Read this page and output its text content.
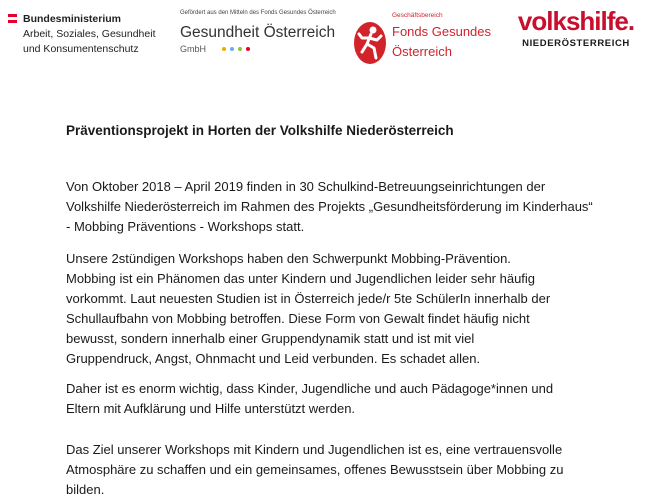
Bundesministerium
Arbeit, Soziales, Gesundheit
und Konsumentenschutz
Gefördert aus den Mitteln des Fonds Gesundes Österreich
Gesundheit Österreich
GmbH
Geschäftsbereich
Fonds Gesundes
Österreich
volkshilfe.
NIEDERÖSTERREICH
Präventionsprojekt in Horten der Volkshilfe Niederösterreich

Von Oktober 2018 – April 2019 finden in 30 Schulkind-Betreuungseinrichtungen der

Volkshilfe Niederösterreich im Rahmen des Projekts „Gesundheitsförderung im Kinderhaus“

- Mobbing Präventions - Workshops statt.

Unsere 2stündigen Workshops haben den Schwerpunkt Mobbing-Prävention.

Mobbing ist ein Phänomen das unter Kindern und Jugendlichen leider sehr häufig

vorkommt. Laut neuesten Studien ist in Österreich jede/r 5te SchülerIn innerhalb der

Schullaufbahn von Mobbing betroffen. Diese Form von Gewalt findet häufig nicht

bewusst, sondern innerhalb einer Gruppendynamik statt und ist mit viel

Gruppendruck, Angst, Ohnmacht und Leid verbunden. Es schadet allen.

Daher ist es enorm wichtig, dass Kinder, Jugendliche und auch Pädagoge*innen und

Eltern mit Aufklärung und Hilfe unterstützt werden.

Das Ziel unserer Workshops mit Kindern und Jugendlichen ist es, eine vertrauensvolle

Atmosphäre zu schaffen und ein gemeinsames, offenes Bewusstsein über Mobbing zu

bilden.
